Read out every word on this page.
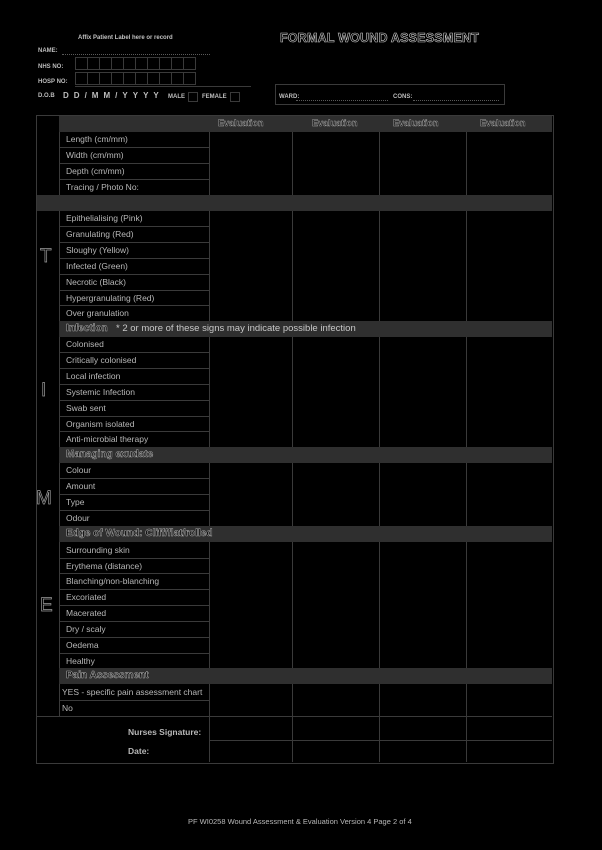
Affix Patient Label here or record
NAME:
NHS NO:
HOSP NO:
D.O.B D D / M M / Y Y Y Y MALE	FEMALE
FORMAL WOUND ASSESSMENT
WARD:	CONS:
Evaluation	Evaluation	Evaluation	Evaluation
Length (cm/mm)
Width (cm/mm)
Depth (cm/mm)
Tracing / Photo No:
T
Epithelialising (Pink)
Granulating (Red)
Sloughy (Yellow)
Infected (Green)
Necrotic (Black)
Hypergranulating (Red)
Over granulation
Infection * 2 or more of these signs may indicate possible infection
I
Colonised
Critically colonised
Local infection
Systemic Infection
Swab sent
Organism isolated
Anti-microbial therapy
Managing exudate
M
Colour
Amount
Type
Odour
Edge of Wound: Cliff/flat/rolled
E
Surrounding skin
Erythema (distance)
Blanching/non-blanching
Excoriated
Macerated
Dry / scaly
Oedema
Healthy
Pain Assessment
YES - specific pain assessment chart
No
Nurses Signature:
Date:
PF WI0258 Wound Assessment & Evaluation Version 4 Page 2 of 4
